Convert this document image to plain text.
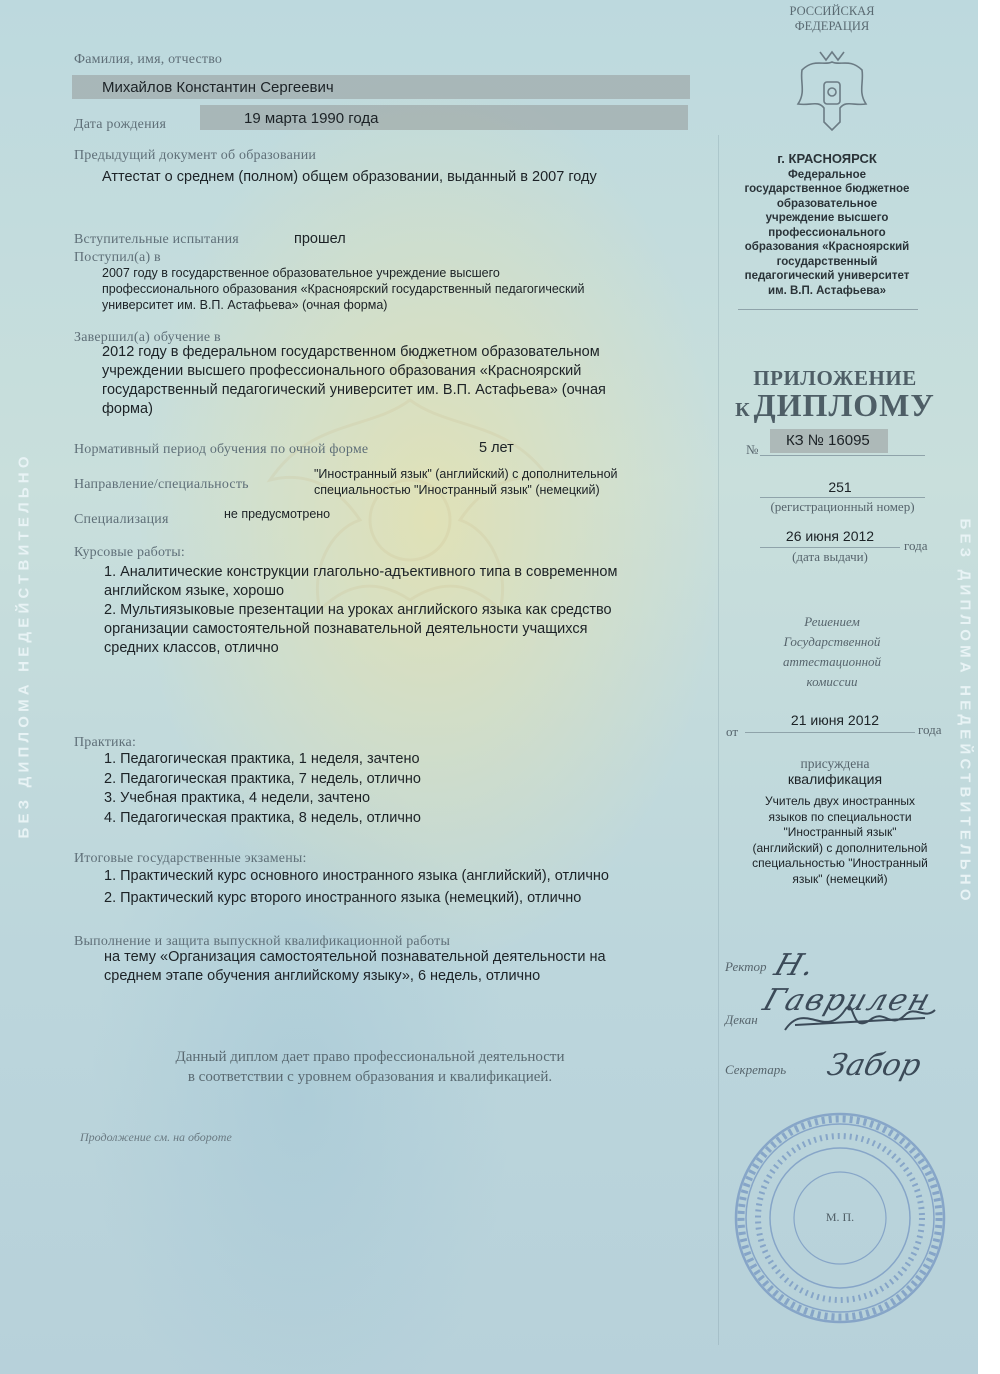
БЕЗ ДИПЛОМА НЕДЕЙСТВИТЕЛЬНО	БЕЗ ДИПЛОМА НЕДЕЙСТВИТЕЛЬНО
Фамилия, имя, отчество
Михайлов Константин Сергеевич
Дата рождения	19 марта 1990 года
Предыдущий документ об образовании
Аттестат о среднем (полном) общем образовании, выданный в 2007 году
Вступительные испытания	прошел
Поступил(а) в
2007 году в государственное образовательное учреждение высшего
профессионального образования «Красноярский государственный педагогический
университет им. В.П. Астафьева» (очная форма)
Завершил(а) обучение в
2012 году в федеральном государственном бюджетном образовательном
учреждении высшего профессионального образования «Красноярский
государственный педагогический университет им. В.П. Астафьева» (очная
форма)
Нормативный период обучения по очной форме	5 лет
Направление/специальность
"Иностранный язык" (английский) с дополнительной
специальностью "Иностранный язык" (немецкий)
Специализация	не предусмотрено
Курсовые работы:
1. Аналитические конструкции глагольно-адъективного типа в современном
английском языке, хорошо
2. Мультиязыковые презентации на уроках английского языка как средство
организации самостоятельной познавательной деятельности учащихся
средних классов, отлично
Практика:
1. Педагогическая практика, 1 неделя, зачтено
2. Педагогическая практика, 7 недель, отлично
3. Учебная практика, 4 недели, зачтено
4. Педагогическая практика, 8 недель, отлично
Итоговые государственные экзамены:
1. Практический курс основного иностранного языка (английский), отлично
2. Практический курс второго иностранного языка (немецкий), отлично
Выполнение и защита выпускной квалификационной работы
на тему «Организация самостоятельной познавательной деятельности на
среднем этапе обучения английскому языку», 6 недель, отлично
Данный диплом дает право профессиональной деятельности
в соответствии с уровнем образования и квалификацией.
Продолжение см. на обороте
РОССИЙСКАЯ
ФЕДЕРАЦИЯ
г. КРАСНОЯРСК
Федеральное
государственное бюджетное
образовательное
учреждение высшего
профессионального
образования «Красноярский
государственный
педагогический университет
им. В.П. Астафьева»
ПРИЛОЖЕНИЕ
К ДИПЛОМУ
№
КЗ № 16095
251
(регистрационный номер)
26 июня 2012
года
(дата выдачи)
Решением
Государственной
аттестационной
комиссии
от
21 июня 2012
года
присуждена
квалификация
Учитель двух иностранных
языков по специальности
"Иностранный язык"
(английский) с дополнительной
специальностью "Иностранный
язык" (немецкий)
Ректор Н. Гаврилен
Декан
Секретарь Забор
М. П.
